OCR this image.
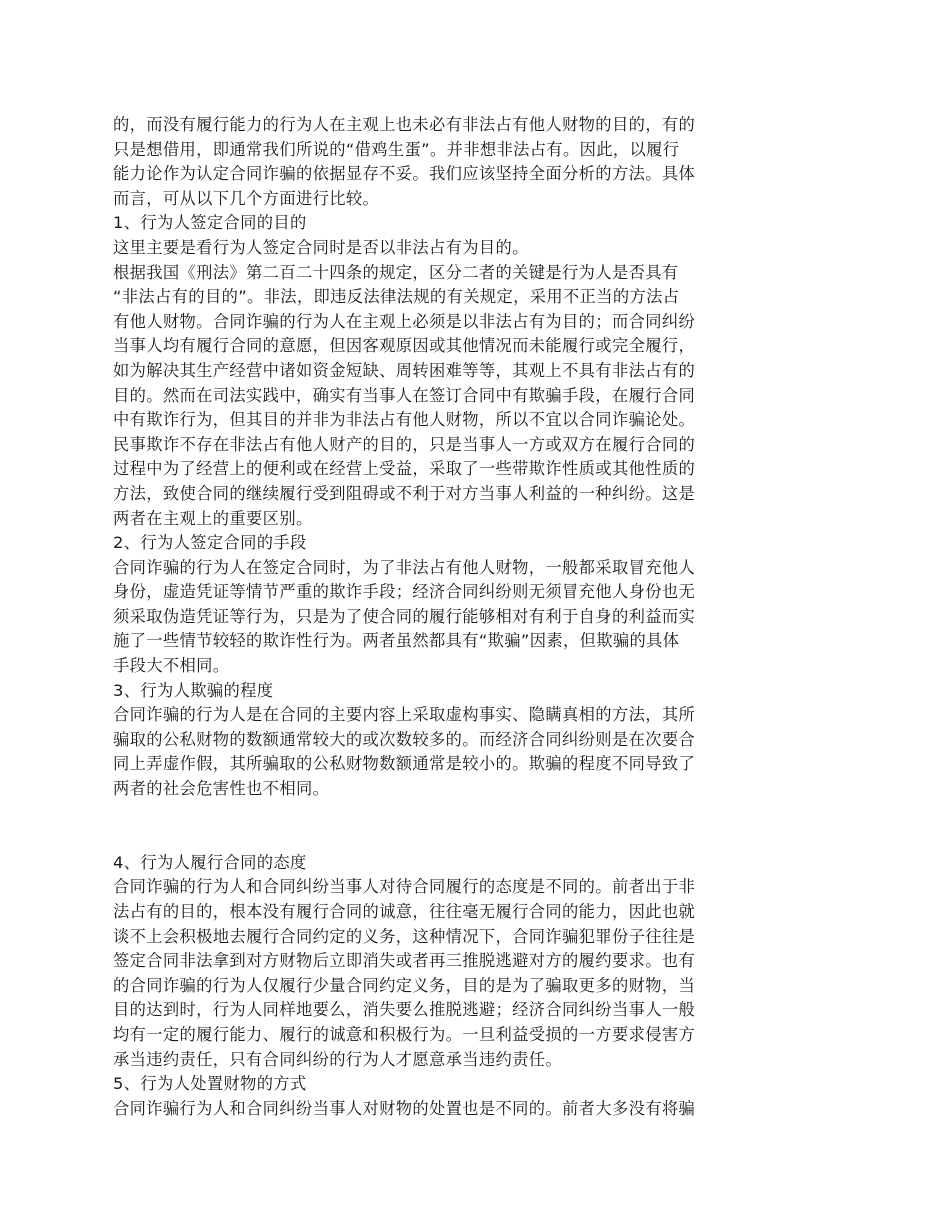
的，而没有履行能力的行为人在主观上也未必有非法占有他人财物的目的，有的
只是想借用，即通常我们所说的“借鸡生蛋”。并非想非法占有。因此，以履行
能力论作为认定合同诈骗的依据显存不妥。我们应该坚持全面分析的方法。具体
而言，可从以下几个方面进行比较。
1、行为人签定合同的目的
这里主要是看行为人签定合同时是否以非法占有为目的。
根据我国《刑法》第二百二十四条的规定，区分二者的关键是行为人是否具有
“非法占有的目的”。非法，即违反法律法规的有关规定，采用不正当的方法占
有他人财物。合同诈骗的行为人在主观上必须是以非法占有为目的；而合同纠纷
当事人均有履行合同的意愿，但因客观原因或其他情况而未能履行或完全履行，
如为解决其生产经营中诸如资金短缺、周转困难等等，其观上不具有非法占有的
目的。然而在司法实践中，确实有当事人在签订合同中有欺骗手段，在履行合同
中有欺诈行为，但其目的并非为非法占有他人财物，所以不宜以合同诈骗论处。
民事欺诈不存在非法占有他人财产的目的，只是当事人一方或双方在履行合同的
过程中为了经营上的便利或在经营上受益，采取了一些带欺诈性质或其他性质的
方法，致使合同的继续履行受到阻碍或不利于对方当事人利益的一种纠纷。这是
两者在主观上的重要区别。
2、行为人签定合同的手段
合同诈骗的行为人在签定合同时，为了非法占有他人财物，一般都采取冒充他人
身份，虚造凭证等情节严重的欺诈手段；经济合同纠纷则无须冒充他人身份也无
须采取伪造凭证等行为，只是为了使合同的履行能够相对有利于自身的利益而实
施了一些情节较轻的欺诈性行为。两者虽然都具有“欺骗”因素，但欺骗的具体
手段大不相同。
3、行为人欺骗的程度
合同诈骗的行为人是在合同的主要内容上采取虚构事实、隐瞒真相的方法，其所
骗取的公私财物的数额通常较大的或次数较多的。而经济合同纠纷则是在次要合
同上弄虚作假，其所骗取的公私财物数额通常是较小的。欺骗的程度不同导致了
两者的社会危害性也不相同。
4、行为人履行合同的态度
合同诈骗的行为人和合同纠纷当事人对待合同履行的态度是不同的。前者出于非
法占有的目的，根本没有履行合同的诚意，往往毫无履行合同的能力，因此也就
谈不上会积极地去履行合同约定的义务，这种情况下，合同诈骗犯罪份子往往是
签定合同非法拿到对方财物后立即消失或者再三推脱逃避对方的履约要求。也有
的合同诈骗的行为人仅履行少量合同约定义务，目的是为了骗取更多的财物，当
目的达到时，行为人同样地要么，消失要么推脱逃避；经济合同纠纷当事人一般
均有一定的履行能力、履行的诚意和积极行为。一旦利益受损的一方要求侵害方
承当违约责任，只有合同纠纷的行为人才愿意承当违约责任。
5、行为人处置财物的方式
合同诈骗行为人和合同纠纷当事人对财物的处置也是不同的。前者大多没有将骗
